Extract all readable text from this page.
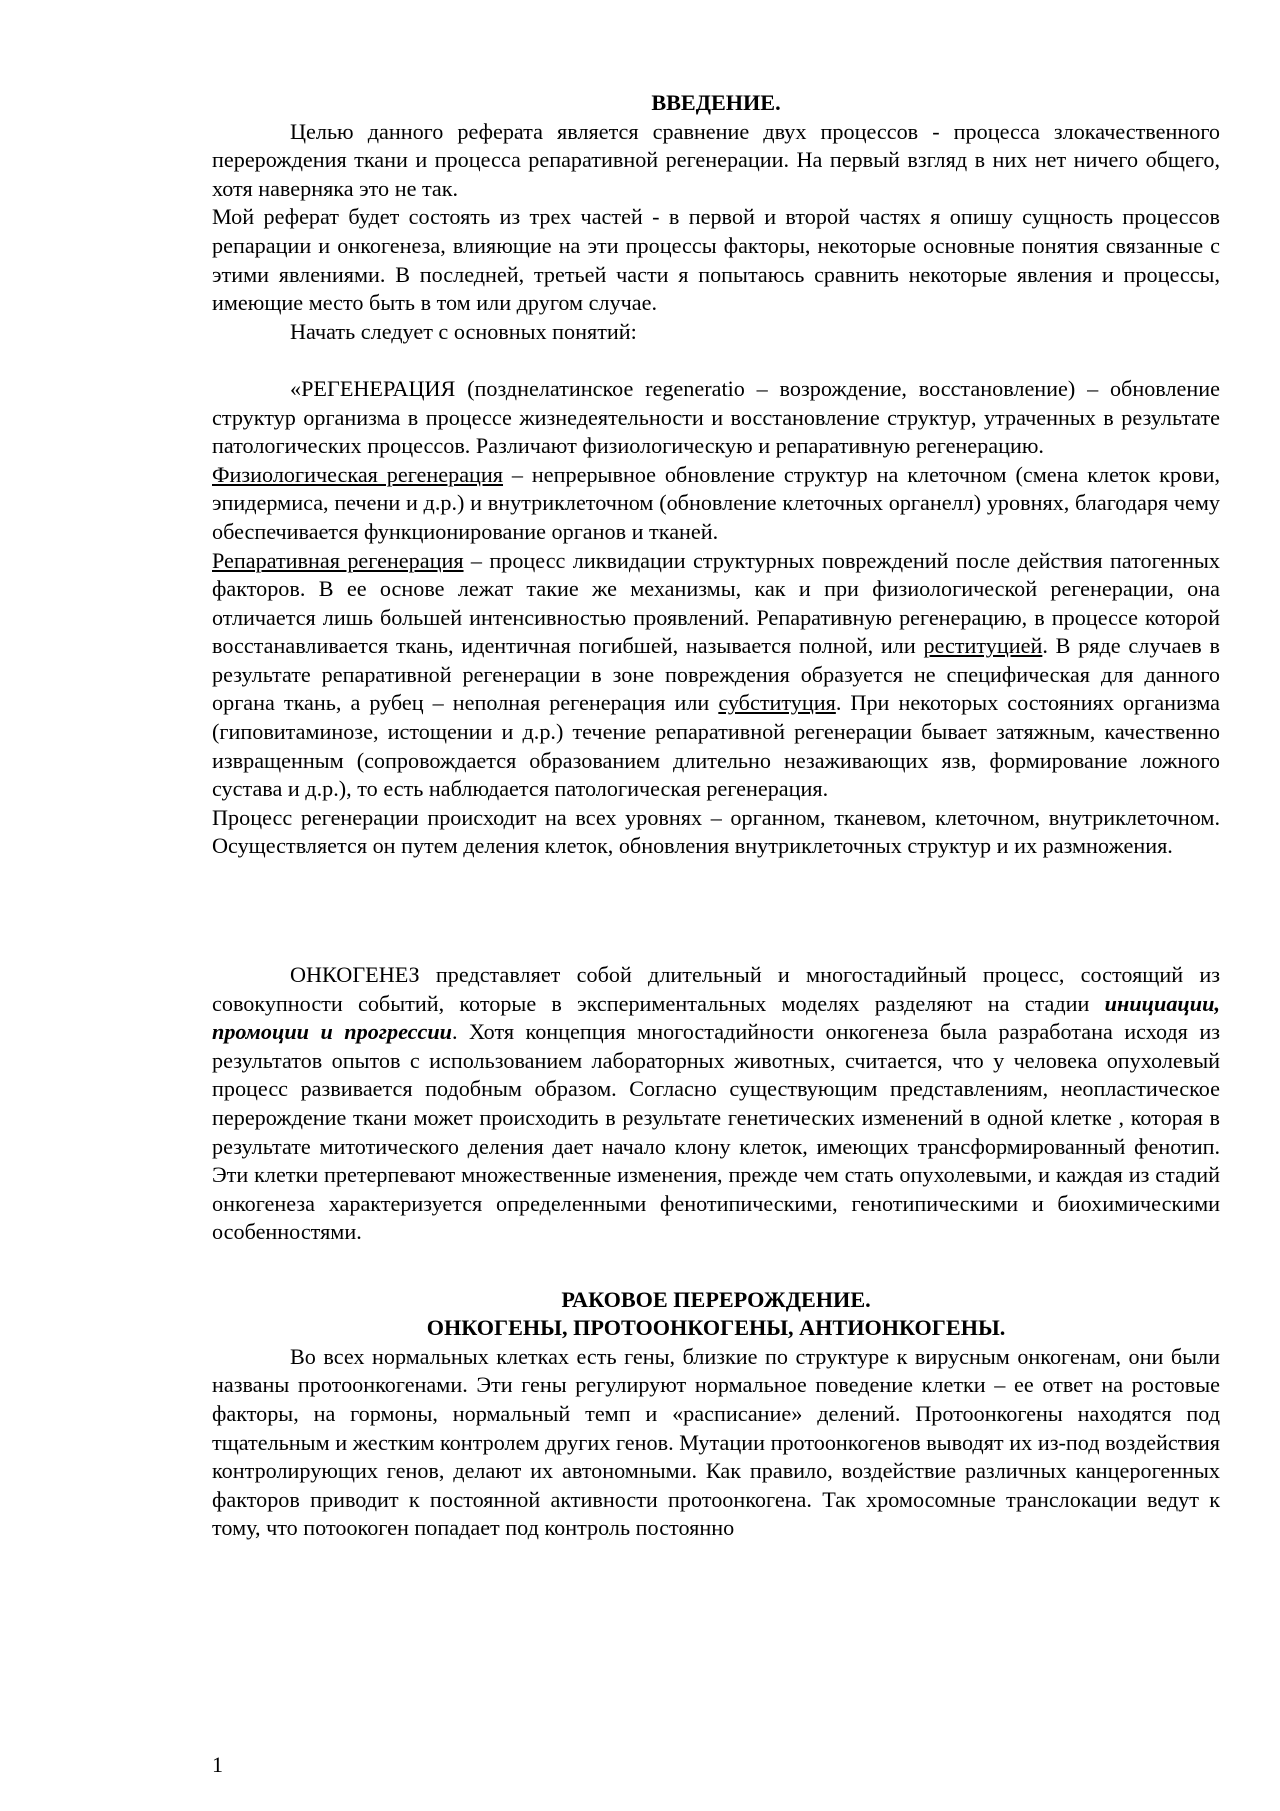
ВВЕДЕНИЕ.

Целью данного реферата является сравнение двух процессов - процесса злокачественного перерождения ткани и процесса репаративной регенерации. На первый взгляд в них нет ничего общего, хотя наверняка это не так.

Мой реферат будет состоять из трех частей - в первой и второй частях я опишу сущность процессов репарации и онкогенеза, влияющие на эти процессы факторы, некоторые основные понятия связанные с этими явлениями. В последней, третьей части я попытаюсь сравнить некоторые явления и процессы, имеющие место быть в том или другом случае.

Начать следует с основных понятий:

«РЕГЕНЕРАЦИЯ (позднелатинское regeneratio – возрождение, восстановление) – обновление структур организма в процессе жизнедеятельности и восстановление структур, утраченных в результате патологических процессов. Различают физиологическую и репаративную регенерацию.

Физиологическая регенерация – непрерывное обновление структур на клеточном (смена клеток крови, эпидермиса, печени и д.р.) и внутриклеточном (обновление клеточных органелл) уровнях, благодаря чему обеспечивается функционирование органов и тканей.

Репаративная регенерация – процесс ликвидации структурных повреждений после действия патогенных факторов. В ее основе лежат такие же механизмы, как и при физиологической регенерации, она отличается лишь большей интенсивностью проявлений. Репаративную регенерацию, в процессе которой восстанавливается ткань, идентичная погибшей, называется полной, или реституцией. В ряде случаев в результате репаративной регенерации в зоне повреждения образуется не специфическая для данного органа ткань, а рубец – неполная регенерация или субституция. При некоторых состояниях организма (гиповитаминозе, истощении и д.р.) течение репаративной регенерации бывает затяжным, качественно извращенным (сопровождается образованием длительно незаживающих язв, формирование ложного сустава и д.р.), то есть наблюдается патологическая регенерация.

Процесс регенерации происходит на всех уровнях – органном, тканевом, клеточном, внутриклеточном. Осуществляется он путем деления клеток, обновления внутриклеточных структур и их размножения.

ОНКОГЕНЕЗ представляет собой длительный и многостадийный процесс, состоящий из совокупности событий, которые в экспериментальных моделях разделяют на стадии инициации, промоции и прогрессии. Хотя концепция многостадийности онкогенеза была разработана исходя из результатов опытов с использованием лабораторных животных, считается, что у человека опухолевый процесс развивается подобным образом. Согласно существующим представлениям, неопластическое перерождение ткани может происходить в результате генетических изменений в одной клетке , которая в результате митотического деления дает начало клону клеток, имеющих трансформированный фенотип. Эти клетки претерпевают множественные изменения, прежде чем стать опухолевыми, и каждая из стадий онкогенеза характеризуется определенными фенотипическими, генотипическими и биохимическими особенностями.

РАКОВОЕ ПЕРЕРОЖДЕНИЕ.

ОНКОГЕНЫ, ПРОТООНКОГЕНЫ, АНТИОНКОГЕНЫ.

Во всех нормальных клетках есть гены, близкие по структуре к вирусным онкогенам, они были названы протоонкогенами. Эти гены регулируют нормальное поведение клетки – ее ответ на ростовые факторы, на гормоны, нормальный темп и «расписание» делений. Протоонкогены находятся под тщательным и жестким контролем других генов. Мутации протоонкогенов выводят их из-под воздействия контролирующих генов, делают их автономными. Как правило, воздействие различных канцерогенных факторов приводит к постоянной активности протоонкогена. Так хромосомные транслокации ведут к тому, что потоокоген попадает под контроль постоянно

1
